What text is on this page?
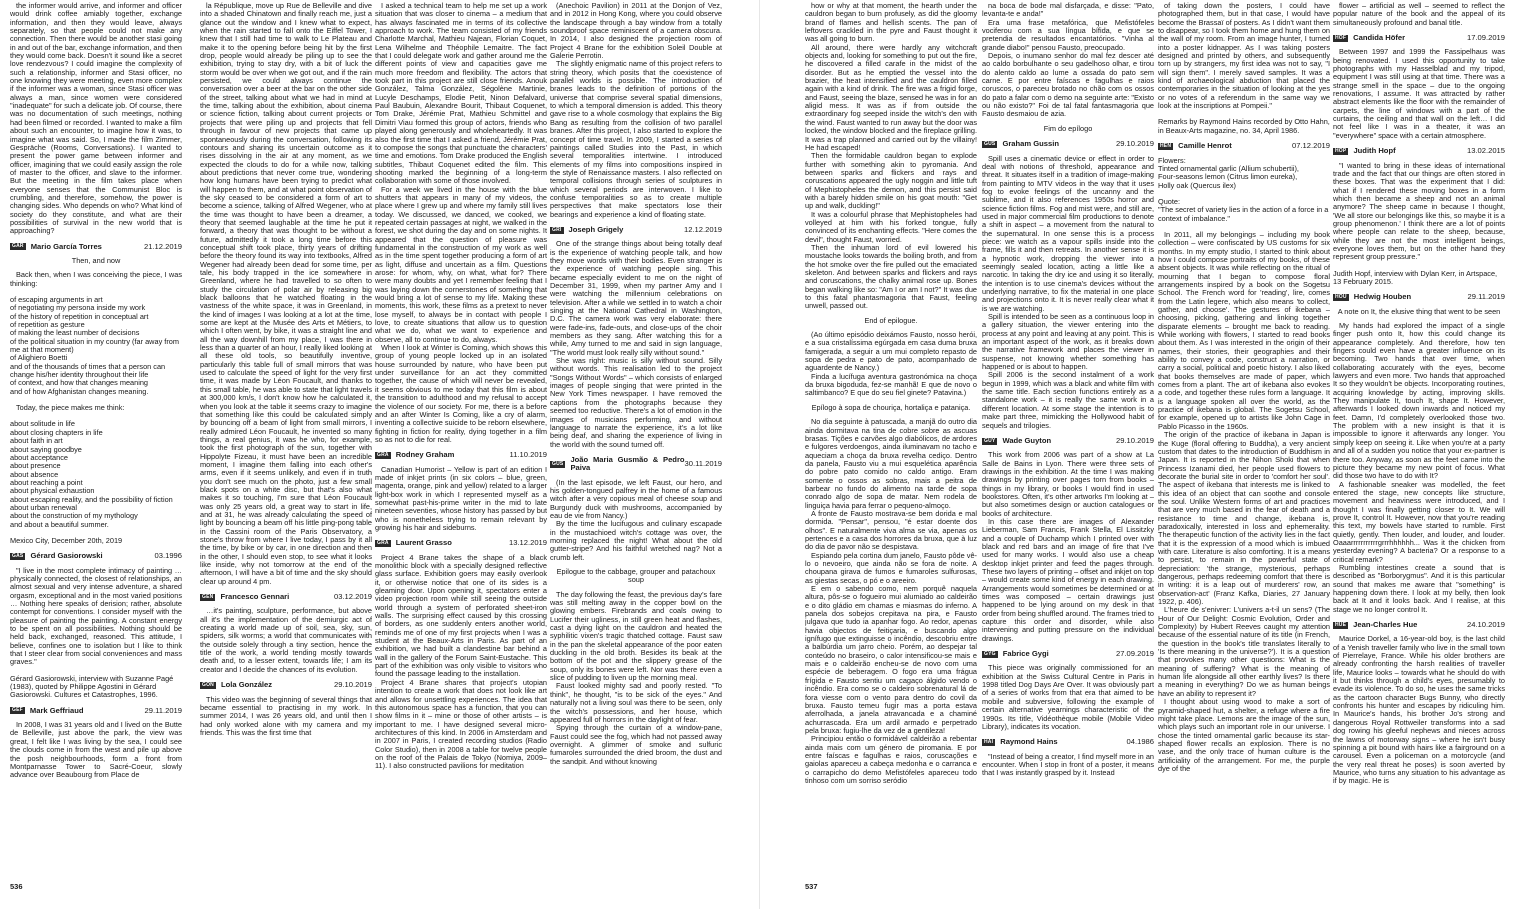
the informer would arrive, and informer and officer would drink coffee amiably together, exchange information, and then they would leave, always separately, so that people could not make any connection. Then there would be another stasi going in and out of the bar, exchange information, and then they would come back. Doesn't it sound like a secret love rendezvous? I could imagine the complexity of such a relationship, informer and Stasi officer, no one knowing they were meeting, even more complex if the informer was a woman, since Stasi officer was always a man, since women were considered "inadequate" for such a delicate job. Of course, there was no documentation of such meetings, nothing had been filmed or recorded. I wanted to make a film about such an encounter, to imagine how it was, to imagine what was said. So, I made the film Zimmer, Gespräche (Rooms, Conversations). I wanted to present the power game between informer and officer, imagining that we could easily assign the role of master to the officer, and slave to the informer. But the meeting in the film takes place when everyone senses that the Communist Bloc is crumbling, and therefore, somehow, the power is changing sides. Who depends on who? What kind of society do they constitute, and what are their possibilities of survival in the new world that is approaching?

GAR Mario García Torres	21.12.2019

Then, and now

Back then, when I was conceiving the piece, I was thinking:

of escaping arguments in art

of negotiating my persona inside my work

of the history of repetition in conceptual art

of repetition as gesture

of making the least number of decisions

of the political situation in my country (far away from me at that moment)

of Alighiero Boetti

and of the thousands of times that a person can change his/her identity throughout their life

of context, and how that changes meaning

and of how Afghanistan changes meaning.

Today, the piece makes me think:

about solitude in life

about closing chapters in life

about faith in art

about saying goodbye

about acceptance

about presence

about absence

about reaching a point

about physical exhaustion

about escaping reality, and the possibility of fiction

about urban renewal

about the construction of my mythology

and about a beautiful summer.

Mexico City, December 20th, 2019

GAS Gérard Gasiorowski	03.1996

"I live in the most complete intimacy of painting … physically connected, the closest of relationships, an almost sexual and very intense adventure, a shared orgasm, exceptional and in the most varied positions … Nothing here speaks of derision; rather, absolute contempt for conventions. I consider myself with the pleasure of painting the painting. A constant energy to be spent on all possibilities. Nothing should be held back, exchanged, reasoned. This attitude, I believe, confines one to isolation but I like to think that I steer clear from social conveniences and mass graves."

Gérard Gasiorowski, interview with Suzanne Pagé (1983), quoted by Philippe Agostini in Gérard Gasiorowski. Cultures et Catastrophes, 1996.

GEF Mark Geffriaud	29.11.2019

In 2008, I was 31 years old and I lived on the Butte de Belleville, just above the park, the view was great, I felt like I was living by the sea, I could see the clouds come in from the west and pile up above the posh neighbourhoods, form a front from Montparnasse Tower to Sacré-Coeur, slowly advance over Beaubourg from Place de

la République, move up Rue de Belleville and dive into a shaded Chinatown and finally reach me, just a glance out the window and I knew what to expect, when the rain started to fall onto the Eiffel Tower, I knew that I still had time to walk to Le Plateau and make it to the opening before being hit by the first drop, people would already be piling up to see the exhibition, trying to stay dry, with a bit of luck the storm would be over when we got out, and if the rain persisted, we could always continue the conversation over a beer at the bar on the other side of the street, talking about what we had in mind at the time, talking about the exhibition, about cinema or science fiction, talking about current projects or projects that were piling up and projects that fell through in favour of new projects that came up spontaneously during the conversation, following its contours and sharing its uncertain outcome as it rises dissolving in the air at any moment, as we expected the clouds to do for a while now, talking about predictions that never come true, wondering how long humans have been trying to predict what will happen to them, and at what point observation of the sky ceased to be considered a form of art to become a science, talking of Alfred Wegener, who at the time was thought to have been a dreamer, a theory that seemed laughable at the time he put it forward, a theory that was thought to be without a future, admittedly it took a long time before this conceptual shift took place, thirty years of drifting before the theory found its way into textbooks, Alfred Wegener had already been dead for some time, per tale, his body trapped in the ice somewhere in Greenland, where he had travelled to so often to study the circulation of polar air by releasing big black balloons that he watched floating in the vastness of the white space, it was in Greenland, in the kind of images I was looking at a lot at the time, some are kept at the Musée des Arts et Métiers, to which I often went, by bike, it was a straight line and all the way downhill from my place, I was there in less than a quarter of an hour, I really liked looking at all these old tools, so beautifully inventive, particularly this table full of small mirrors that was used to calculate the speed of light for the very first time, it was made by Léon Foucault, and thanks to this small table, he was able to state that light travels at 300,000 km/s, I don't know how he calculated it, when you look at the table it seems crazy to imagine that something like this could be calculated simply by bouncing off a beam of light from small mirrors, I really admired Léon Foucault, he invented so many things, a real genius, it was he who, for example, took the first photograph of the sun, together with Hippolyte Fizeau, it must have been an incredible moment, I imagine them falling into each other's arms, even if it seems unlikely, and even if in truth you don't see much on the photo, just a few small black spots on a white disc, but that's also what makes it so touching, I'm sure that Léon Foucault was only 25 years old, a great way to start in life, and at 31, he was already calculating the speed of light by bouncing a beam off his little ping-pong table in the Cassini room of the Paris Observatory, a stone's throw from where I live today, I pass by it all the time, by bike or by car, in one direction and then in the other, I should even stop, to see what it looks like inside, why not tomorrow at the end of the afternoon, I will have a bit of time and the sky should clear up around 4 pm.

GEN Francesco Gennari	03.12.2019

…it's painting, sculpture, performance, but above all it's the implementation of the demiurgic act of creating a world made up of soil, sea, sky, sun, spiders, silk worms; a world that communicates with the outside solely through a tiny section, hence the title of the work, a world tending mostly towards death and, to a lesser extent, towards life; I am its creator and I decide the chances of its evolution.

GON Lola González	29.10.2019

This video was the beginning of several things that became essential to practising in my work. In summer 2014, I was 26 years old, and until then I had only worked alone with my camera and my friends. This was the first time that

I asked a technical team to help me set up a work situation that was closer to cinema – a medium that has always fascinated me in terms of its collective approach to work. The team consisted of my friends Charlotte Marchal, Mathieu Najean, Florian Coquet, Lena Wilhelme and Théophile Lemaitre. The fact that I could delegate work and gather around me the different points of view and capacities gave me much more freedom and flexibility. The actors that took part in this project are still close friends. Anouk González, Talma González, Ségolène Martinie, Lucyle Deschamps, Elodie Petit, Ninon Defalvard, Paul Baubuin, Alexandre Bourit, Thibaut Coquenet, Tom Drake, Jérémie Prat, Mathieu Schmittel and Dimitri Viau formed this group of actors, friends who played along generously and wholeheartedly. It was also the first time that I asked a friend, Jérémie Prat, to compose the songs that punctuate the characters' time and emotions. Tom Drake produced the English subtitles, Thibaut Coquenet edited the film. This shooting marked the beginning of a long-term collaboration with some of those involved.

For a week we lived in the house with the blue shutters that appears in many of my videos, the place where I grew up and where my family still lives today. We discussed, we danced, we cooked, we repeated certain passages at night, we walked in the forest, we shot during the day and on some nights. It appeared that the question of pleasure was fundamental in the construction of my work as well as in the time spent together producing a form of art as light, diffuse and uncertain as a film. Questions arose: for whom, why, on what, what for? There were many doubts and yet I remember feeling that I was laying down the cornerstones of something that would bring a lot of sense to my life. Making these moments, this work, these films as a pretext to never lose myself, to always be in contact with people I love, to create situations that allow us to question what we do, what we want to experience and observe, all to continue to do, always.

When I look at Winter is Coming, which shows this group of young people locked up in an isolated house surrounded by nature, who have been put under surveillance for an act they committed together, the cause of which will never be revealed, it seems obvious to me today that this film is about the transition to adulthood and my refusal to accept the violence of our society. For me, there is a before and an after Winter Is Coming, like a cry of alarm, inventing a collective suicide to be reborn elsewhere, fighting in fiction for reality, dying together in a film so as not to die for real.

GRA Rodney Graham	11.10.2019

Canadian Humorist – Yellow is part of an edition I made of inkjet prints (in six colors – blue, green, magenta, orange, pink and yellow) related to a larger light-box work in which I represented myself as a somewhat past-his-prime writer in the mid to late nineteen seventies, whose history has passed by but who is nonetheless trying to remain relevant by growing his hair and sideburns.

GRA Laurent Grasso	13.12.2019

Project 4 Brane takes the shape of a black monolithic block with a specially designed reflective glass surface. Exhibition goers may easily overlook it, or otherwise notice that one of its sides is a gleaming door. Upon opening it, spectators enter a video projection room while still seeing the outside world through a system of perforated sheet-iron walls. The surprising effect caused by this crossing of borders, as one suddenly enters another world, reminds me of one of my first projects when I was a student at the Beaux-Arts in Paris. As part of an exhibition, we had built a clandestine bar behind a wall in the gallery of the Forum Saint-Eustache. This part of the exhibition was only visible to visitors who found the passage leading to the installation.

Project 4 Brane shares that project's utopian intention to create a work that does not look like art and allows for unsettling experiences. The idea that this autonomous space has a function, that you can show films in it – mine or those of other artists – is important to me. I have designed several micro-architectures of this kind. In 2006 in Amsterdam and in 2007 in Paris, I created recording studios (Radio Color Studio), then in 2008 a table for twelve people on the roof of the Palais de Tokyo (Nomiya, 2009–11). I also constructed pavilions for meditation

(Anechoic Pavilion) in 2011 at the Donjon of Vez, and in 2012 in Hong Kong, where you could observe the landscape through a bay window from a totally soundproof space reminiscent of a camera obscura. In 2014, I also designed the projection room of Project 4 Brane for the exhibition Soleil Double at Galerie Perrotin.

The slightly enigmatic name of this project refers to string theory, which posits that the coexistence of parallel worlds is possible. The introduction of branes leads to the definition of portions of the universe that comprise several spatial dimensions, to which a temporal dimension is added. This theory gave rise to a whole cosmology that explains the Big Bang as resulting from the collision of two parallel branes. After this project, I also started to explore the concept of time travel. In 2009, I started a series of paintings called Studies into the Past, in which several temporalities intertwine. I introduced elements of my films into compositions inspired in the style of Renaissance masters. I also reflected on temporal collisions through series of sculptures in which several periods are interwoven. I like to confuse temporalities so as to create multiple perspectives that make spectators lose their bearings and experience a kind of floating state.

GRI Joseph Grigely	12.12.2019

One of the strange things about being totally deaf is the experience of watching people talk, and how they move words with their bodies. Even stranger is the experience of watching people sing. This became especially evident to me on the night of December 31, 1999, when my partner Amy and I were watching the millennium celebrations on television. After a while we settled in to watch a choir singing at the National Cathedral in Washington, D.C. The camera work was very elaborate: there were fade-ins, fade-outs, and close-ups of the choir members as they sang. After watching this for a while, Amy turned to me and said in sign language, "The world must look really silly without sound."

She was right: music is silly without sound. Silly without words. This realisation led to the project "Songs Without Words" – which consists of enlarged images of people singing that were printed in the New York Times newspaper. I have removed the captions from the photographs because they seemed too reductive. There's a lot of emotion in the images of musicians performing, and without language to narrate the experience, it's a lot like being deaf, and sharing the experience of living in the world with the sound turned off.

GUS João Maria Gusmão & Pedro Paiva	30.11.2019

(In the last episode, we left Faust, our hero, and his golden-tongued palfrey in the home of a famous witch after a very copious meal of cheese soup and Burgundy duck with mushrooms, accompanied by eau de vie from Nancy.)

By the time the lucifugous and culinary escapade in the mustachioed witch's cottage was over, the morning replaced the night! What about the old gutter-stripe? And his faithful wretched nag? Not a crumb left.

Epilogue to the cabbage, grouper and patachoux soup

The day following the feast, the previous day's fare was still melting away in the copper bowl on the glowing embers. Firebrands and coals owing to Lucifer their ugliness, in still green heat and flashes, cast a dying light on the cauldron and heated the syphilitic vixen's tragic thatched cottage. Faust saw in the pan the skeletal appearance of the poor eaten duckling in the old broth. Besides its beak at the bottom of the pot and the slippery grease of the soup, only its bones were left. Nor was there even a slice of pudding to liven up the morning meal.

Faust looked mighty sad and poorly rested. "To think", he thought, "is to be sick of the eyes." And naturally not a living soul was there to be seen, only the witch's possessions, and her house, which appeared full of horrors in the daylight of fear.

Spying through the curtain of a window-pane, Faust could see the fog, which had not passed away overnight. A glimmer of smoke and sulfuric fumaroles surrounded the dried broom, the dust and the sandpit. And without knowing

536

how or why at that moment, the hearth under the cauldron began to burn profusely, as did the gloomy brand of flames and hellish scents. The pan of leftovers crackled in the pyre and Faust thought it was all going to burn.

All around, there were hardly any witchcraft objects and, looking for something to put out the fire, he discovered a filled carafe in the midst of the disorder. But as he emptied the vessel into the brazier, the heat intensified and the cauldron filled again with a kind of drink. The fire was a frigid forge, and Faust, seeing the blaze, sensed he was in for an aligid mess. It was as if from outside the extraordinary fog seeped inside the witch's den with the wind. Faust wanted to run away but the door was locked, the window blocked and the fireplace grilling. It was a trap planned and carried out by the villainy! He had escaped!

Then the formidable cauldron began to explode further with something akin to pyromania. And between sparks and flickers and rays and coruscations appeared the ugly noggin and little tuft of Mephistopheles the demon, and this persist said with a barely hidden smile on his goat mouth: "Get up and walk, duckling!"

It was a colourful phrase that Mephistopheles had volleyed at him with his forked tongue, fully convinced of its enchanting effects. "Here comes the devil", thought Faust, worried.

Then the inhuman lord of evil lowered his moustache looks towards the boiling broth, and from the hot smoke over the fire pulled out the emaciated skeleton. And between sparks and flickers and rays and coruscations, the chalky animal rose up. Bones began walking like so: "Am I or am I not?" It was due to this fatal phantasmagoria that Faust, feeling unwell, passed out.

End of epilogue.

(Ao último episódio deixámos Fausto, nosso herói, e a sua cristalíssima egúrgada em casa duma bruxa famigerada, a seguir a um mui completo repasto de sopa de pedra e pato de pato, acompanhado de aguardente de Nancy.)

Finda a lucífuga aventura gastronómica na choça da bruxa bigoduda, fez-se manhã! E que de novo o saltimbanco? E que do seu fiel ginete? Patavina.)

Epílogo à sopa de chouriça, hortaliça e pataniça.

No dia seguinte à patuscada, a manjã do outro dia ainda dormitava na tina de cobre sobre as ascuas brasas. Tições e carvões algo diabólicos, de ardores e fulgores verdoengos, ainda iluminavam no tacho e aqueciam a choça da bruxa revelha cediço. Dentro da panela, Fausto viu a mui esquelética aparência do pobre pato comido no caldo antigo. Eram somente o ossos as sobras, mais a peitra de barbear no fundo do alimento na tarde de sopa conrado algo de sopa de matar. Nem rodela de linguiça havia para ferrar o pequeno-almoço.

A fronte de Fausto mostrava-se bem dorida e mal dormida. "Pensar", pensou, "é estar doente dos olhos". E naturalmente viva alma se via, apenas os pertences e a casa dos horrores da bruxa, que à luz do dia de pavor não se despistava.

Espiando pela cortina dum janelo, Fausto pôde vê-lo o nevoeiro, que ainda não se fora de noite. A choupana girava de fumos e fumaroles sulfurosas, as giestas secas, o pó e o areeiro.

E em o sabendo como, nem porquê naquela altura, pôs-se o fogueiro mui alumiado ao caldeirão e o dito gládio em chamas e miasmas do inferno. A panela dos sobejos crepitava na pira, e Fausto julgava que tudo ia apanhar fogo. Ao redor, apenas havia objectos de feitiçaria, e buscando algo ignífugo que extinguisse o incêndio, descobriu entre a balbúrdia um jarro cheio. Porém, ao despejar tal conteúdo no braseiro, o calor intensificou-se mais e mais e o caldeirão encheu-se de novo com uma espécie de beberagem. O fogo era uma frágua frígida e Fausto sentiu um cagaço álgido vendo o incêndio. Era como se o caldeiro sobrenatural lá de fora viesse com o vento para dentro do covil da bruxa. Fausto temeu fugir mas a porta estava aferrolhada, a janela atravancada e a chaminé achurrascada. Era um ardil armado e perpetrado pela bruxa: fugiu-lhe da vez de a gentileza!

Principiou então o formidável caldeirão a rebentar ainda mais com um género de piromania. E por entre faíscas e fagulhas e raios, coruscações e gaiolas apareceu a cabeça medonha e o carranca e o carrapicho do demo Mefistófeles apareceu todo tinhoso com um sorriso seródio

na boca de bode mal disfarçada, e disse: "Pato, levanta-te e anda!"

Era uma frase metafórica, que Mefistófeles vociferou com a sua língua bífida, e que se pretendia de resultados encantatórios. "Vinha al grande diabo!" pensou Fausto, preocupado.

Depois, o inumano senhor do mal fez descer até ao caldo borbulhante o seu gadelhoso olhar, e tirou do alento caldo ao lume a ossada do pato sem carne. E por entre faíscas e fagulhas e raios coruscos, o pareceu brotado no chão com os ossos do pato a falar com o demo na seguinte arte: "Existo ou não existo?" Foi de tal fatal fantasmagoria que Fausto desmaiou de azia.

Fim do epílogo

GUS Graham Gussin	29.10.2019

Spill uses a cinematic device or effect in order to deal with notions of threshold, appearance and threat. It situates itself in a tradition of image-making from painting to MTV videos in the way that it uses fog to evoke feelings of the uncanny and the sublime, and it also references 1950s horror and science fiction films. Fog and mist were, and still are, used in major commercial film productions to denote a shift in aspect – a movement from the natural to the supernatural. In one sense this is a process piece: we watch as a vapour spills inside into the frame, fills it and then retreats. In another sense it is a hypnotic work, dropping the viewer into a seemingly sealed location, acting a little like a narcotic. In taking the dry ice and using it so literally, the intention is to use cinema's devices without the underlying narrative, to fix the material in one place and projections onto it. It is never really clear what it is we are watching.

Spill is intended to be seen as a continuous loop in a gallery situation, the viewer entering into the process at any point and leaving at any point. This is an important aspect of the work, as it breaks down the narrative framework and places the viewer in suspense, not knowing whether something has happened or is about to happen.

Spill 2006 is the second instalment of a work begun in 1999, which was a black and white film with the same title. Each section functions entirely as a standalone work – it is really the same work in a different location. At some stage the intention is to make part three, mimicking the Hollywood habit of sequels and trilogies.

GUY Wade Guyton	29.10.2019

This work from 2006 was part of a show at La Salle de Bains in Lyon. There were three sets of drawings in the exhibition. At the time I was making drawings by printing over pages torn from books – things in my library, or books I would find in used bookstores. Often, it's other artworks I'm looking at – but also sometimes design or auction catalogues or books of architecture.

In this case there are images of Alexander Lieberman, Sam Francis, Frank Stella, El Lissitzky and a couple of Duchamp which I printed over with black and red bars and an image of fire that I've used for many works. I would also use a cheap desktop inkjet printer and feed the pages through. These two layers of printing – offset and inkjet on top – would create some kind of energy in each drawing. Arrangements would sometimes be determined or at times was composed – certain drawings just happened to be lying around on my desk in that order from being shuffled around. The frames tried to capture this order and disorder, while also intervening and putting pressure on the individual drawings.

GYG Fabrice Gygi	27.09.2019

This piece was originally commissioned for an exhibition at the Swiss Cultural Centre in Paris in 1998 titled Dog Days Are Over. It was obviously part of a series of works from that era that aimed to be mobile and subversive, following the example of certain alternative yearnings characteristic of the 1990s. Its title, Vidéothèque mobile (Mobile Video Library), indicates its vocation.

HAI Raymond Hains	04.1986

"Instead of being a creator, I find myself more in an encounter. When I stop in front of a poster, it means that I was instantly grasped by it. Instead

of taking down the posters, I could have photographed them, but in that case, I would have become the Brassaï of posters. As I didn't want them to disappear, so I took them home and hung them on the wall of my room. From an image hunter, I turned into a poster kidnapper. As I was taking posters designed and printed by others, and subsequently torn up by strangers, my first idea was not to say, "I will sign them". I merely saved samples. It was a kind of archaeological abduction that placed the contemporaries in the situation of looking at the yes or no votes of a referendum in the same way we look at the inscriptions at Pompeii."

Remarks by Raymond Hains recorded by Otto Hahn, in Beaux-Arts magazine, no. 34, April 1986.

HEN Camille Henrot	07.12.2019

Flowers:

Tinted ornamental garlic (Allium schubertii),

Four-seasons lemon (Citrus limon eureka),

Holly oak (Quercus ilex)

Quote:

"The secret of variety lies in the action of a force in a context of imbalance."

In 2011, all my belongings – including my book collection – were confiscated by US customs for six months. In my empty studio, I started to think about how I could compose portraits of my books, of these absent objects. It was while reflecting on the ritual of mourning that I began to compose floral arrangements inspired by a book on the Sogetsu School. The French word for 'reading', lire, comes from the Latin legere, which also means 'to collect, gather, and choose'. The gestures of ikebana – choosing, picking, gathering and linking together disparate elements – brought me back to reading. While working with flowers, I started to read books about them. As I was interested in the origin of their names, their stories, their geographies and their ability to convey a code, construct a narration, or carry a social, political and poetic history. I also liked that books themselves are made of paper, which comes from a plant. The art of ikebana also evokes a code, and together these rules form a language. It is a language spoken all over the world, as the practice of ikebana is global. The Sogetsu School, for example, opened up to artists like John Cage in Pablo Picasso in the 1960s.

The origin of the practice of ikebana in Japan is the Kuge (floral offering to Buddha), a very ancient custom that dates to the introduction of Buddhism in Japan. It is reported in the Nihon Shoki that when Princess Izanami died, her people used flowers to decorate the burial site in order to 'comfort her soul'. The aspect of ikebana that interests me is linked to this idea of an object that can soothe and console the soul. Unlike Western forms of art and practices that are very much based in the fear of death and a resistance to time and change, ikebana is, paradoxically, interested in loss and ephemerality. The therapeutic function of the activity lies in the fact that it is the expression of a mood which is imbued with care. Literature is also comforting. It is a means to persist, to remain in the powerful state of depreciation: 'the strange, mysterious, perhaps dangerous, perhaps redeeming comfort that there is in writing: it is a leap out of murderers' row, an observation-act' (Franz Kafka, Diaries, 27 January 1922, p. 406).

L'heure de s'enivrer: L'univers a-t-il un sens? (The Hour of Our Delight: Cosmic Evolution, Order and Complexity) by Hubert Reeves caught my attention because of the essential nature of its title (in French, the question in the book's title translates literally to 'Is there meaning in the universe?'). It is a question that provokes many other questions: What is the meaning of suffering? What is the meaning of human life alongside all other earthly lives? Is there a meaning in everything? Do we as human beings have an ability to represent it?

I thought about using wood to make a sort of pyramid-shaped hut, a shelter, a refuge where a fire might take place. Lemons are the image of the sun, which plays such an important role in our universe. I chose the tinted ornamental garlic because its star-shaped flower recalls an explosion. There is no vase, and the only trace of human culture is the artificiality of the arrangement. For me, the purple dye of the

flower – artificial as well – seemed to reflect the popular nature of the book and the appeal of its simultaneously profound and banal title.

HOF Candida Höfer	17.09.2019

Between 1997 and 1999 the Fassipelhaus was being renovated. I used this opportunity to take photographs with my Hasselblad and my tripod, equipment I was still using at that time. There was a strange smell in the space – due to the ongoing renovations, I assume. It was attracted by rather abstract elements like the floor with the remainder of carpets, the line of windows with a part of the curtains, the ceiling and that wall on the left… I did not feel like I was in a theater, it was an "everywhere" space with a certain atmosphere.

HOP Judith Hopf	13.02.2015

"I wanted to bring in these ideas of international trade and the fact that our things are often stored in these boxes. That was the experiment that I did: what if I rendered these moving boxes in a form which then became a sheep and not an animal anymore? The sheep came in because I thought, 'We all store our belongings like this, so maybe it is a group phenomenon.' I think there are a lot of points where people can relate to the sheep, because, while they are not the most intelligent beings, everyone loves them, but on the other hand they represent group pressure."

Judith Hopf, interview with Dylan Kerr, in Artspace, 13 February 2015.

HOU Hedwig Houben	29.11.2019

A note on It, the elusive thing that went to be seen

My hands had explored the impact of a single finger push onto It, how this could change its appearance completely. And therefore, how ten fingers could even have a greater influence on its becoming. Two hands that over time, when collaborating accurately with the eyes, become lawyers and even more. Two hands that approached It so they wouldn't be objects. Incorporating routines, acquiring knowledge by acting, improving skills. They manipulate It, touch It, shape It. However, afterwards I looked down inwards and noticed my feet. Damn, I'd completely overlooked those two. The problem with a new insight is that it is impossible to ignore it afterwards any longer. You simply keep on seeing it. Like when you're at a party and all of a sudden you notice that your ex-partner is there too. Anyway, as soon as the feet came into the picture they became my new point of focus. What did those two have to do with It?

A fashionable sneaker was modelled, the feet entered the stage, new concepts like structure, movement and heaviness were introduced, and I thought I was finally getting closer to It. We will prove It, control It. However, now that you're reading this text, my bowels have started to rumble. First quietly, gently. Then louder, and louder, and louder. Oaaarrrrrrrrrrrgrrrhhhhhh... Was it the chicken from yesterday evening? A bacteria? Or a response to a critical remark?

Rumbling intestines create a sound that is described as "Borborygmus". And it is this particular sound that makes me aware that "something" is happening down there. I look at my belly, then look back at It and it looks back. And I realise, at this stage we no longer control It.

HUE Jean-Charles Hue	24.10.2019

Maurice Dorkel, a 16-year-old boy, is the last child of a Yenish traveller family who live in the small town of Pierrelaye, France. While his older brothers are already confronting the harsh realities of traveller life, Maurice looks – towards what he should do with it but thinks through a child's eyes, presumably to evade its violence. To do so, he uses the same tricks as the cartoon character Bugs Bunny, who directly confronts his hunter and escapes by ridiculing him. In Maurice's hands, his brother Jo's strong and dangerous Royal Rottweiler transforms into a sad dog rowing his gleeful nephews and nieces across the lawns of motorway signs – where he isn't busy spinning a pit bound with hairs like a fairground on a carousel. Even a policeman on a motorcycle (and the very real threat he poses) is soon averted by Maurice, who turns any situation to his advantage as if by magic. He is

537
